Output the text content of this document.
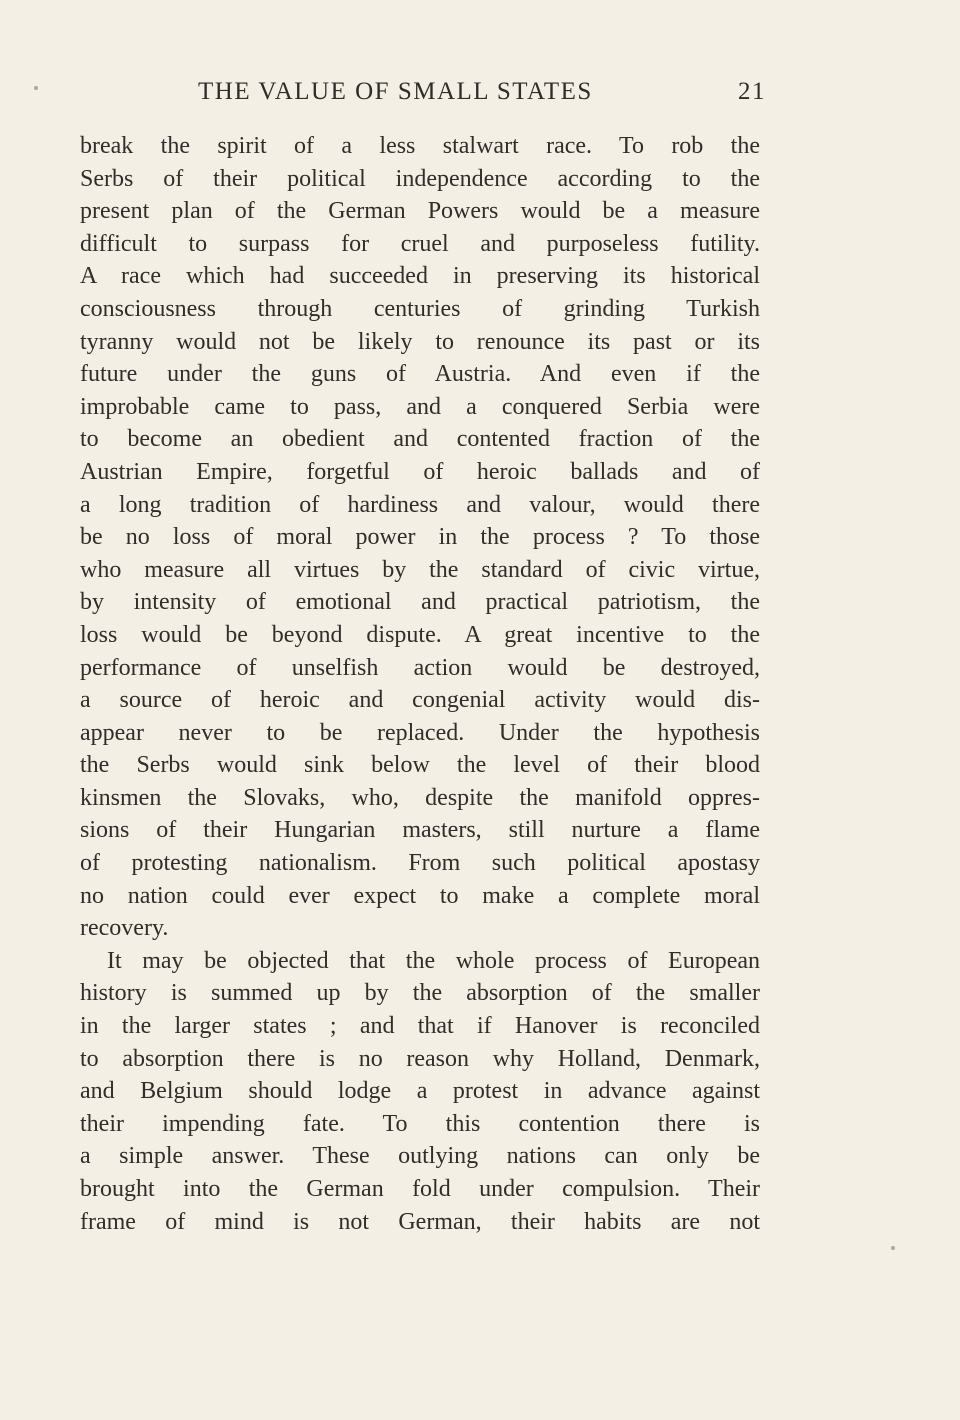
THE VALUE OF SMALL STATES	21

break the spirit of a less stalwart race. To rob the
Serbs of their political independence according to the
present plan of the German Powers would be a measure
difficult to surpass for cruel and purposeless futility.
A race which had succeeded in preserving its historical
consciousness through centuries of grinding Turkish
tyranny would not be likely to renounce its past or its
future under the guns of Austria. And even if the
improbable came to pass, and a conquered Serbia were
to become an obedient and contented fraction of the
Austrian Empire, forgetful of heroic ballads and of
a long tradition of hardiness and valour, would there
be no loss of moral power in the process ? To those
who measure all virtues by the standard of civic virtue,
by intensity of emotional and practical patriotism, the
loss would be beyond dispute. A great incentive to the
performance of unselfish action would be destroyed,
a source of heroic and congenial activity would dis-
appear never to be replaced. Under the hypothesis
the Serbs would sink below the level of their blood
kinsmen the Slovaks, who, despite the manifold oppres-
sions of their Hungarian masters, still nurture a flame
of protesting nationalism. From such political apostasy
no nation could ever expect to make a complete moral
recovery.

It may be objected that the whole process of European
history is summed up by the absorption of the smaller
in the larger states ; and that if Hanover is reconciled
to absorption there is no reason why Holland, Denmark,
and Belgium should lodge a protest in advance against
their impending fate. To this contention there is
a simple answer. These outlying nations can only be
brought into the German fold under compulsion. Their
frame of mind is not German, their habits are not
